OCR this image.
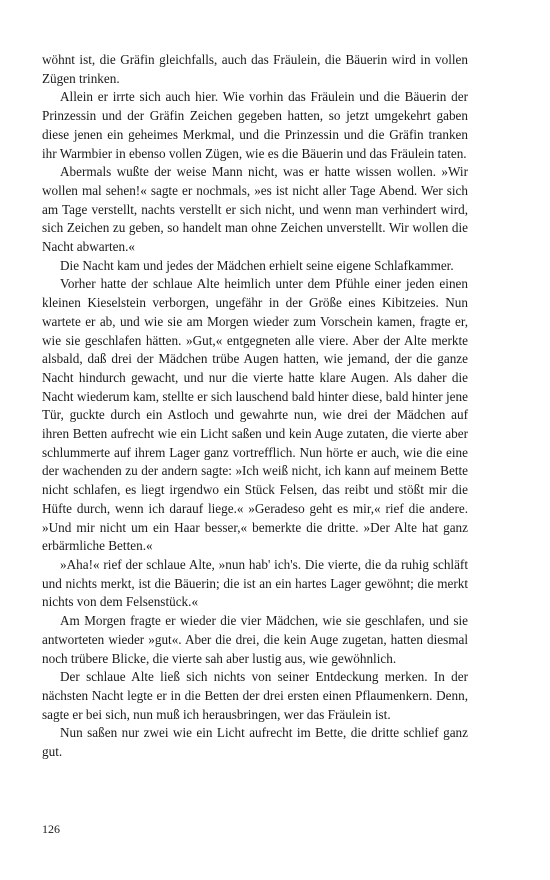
wöhnt ist, die Gräfin gleichfalls, auch das Fräulein, die Bäuerin wird in vollen Zügen trinken.

Allein er irrte sich auch hier. Wie vorhin das Fräulein und die Bäuerin der Prinzessin und der Gräfin Zeichen gegeben hatten, so jetzt umgekehrt gaben diese jenen ein geheimes Merkmal, und die Prinzessin und die Gräfin tranken ihr Warmbier in ebenso vollen Zügen, wie es die Bäuerin und das Fräulein taten.

Abermals wußte der weise Mann nicht, was er hatte wissen wollen. »Wir wollen mal sehen!« sagte er nochmals, »es ist nicht aller Tage Abend. Wer sich am Tage verstellt, nachts verstellt er sich nicht, und wenn man verhindert wird, sich Zeichen zu geben, so handelt man ohne Zeichen unverstellt. Wir wollen die Nacht abwarten.«

Die Nacht kam und jedes der Mädchen erhielt seine eigene Schlafkammer.

Vorher hatte der schlaue Alte heimlich unter dem Pfühle einer jeden einen kleinen Kieselstein verborgen, ungefähr in der Größe eines Kibitzeies. Nun wartete er ab, und wie sie am Morgen wieder zum Vorschein kamen, fragte er, wie sie geschlafen hätten. »Gut,« entgegneten alle viere. Aber der Alte merkte alsbald, daß drei der Mädchen trübe Augen hatten, wie jemand, der die ganze Nacht hindurch gewacht, und nur die vierte hatte klare Augen. Als daher die Nacht wiederum kam, stellte er sich lauschend bald hinter diese, bald hinter jene Tür, guckte durch ein Astloch und gewahrte nun, wie drei der Mädchen auf ihren Betten aufrecht wie ein Licht saßen und kein Auge zutaten, die vierte aber schlummerte auf ihrem Lager ganz vortrefflich. Nun hörte er auch, wie die eine der wachenden zu der andern sagte: »Ich weiß nicht, ich kann auf meinem Bette nicht schlafen, es liegt irgendwo ein Stück Felsen, das reibt und stößt mir die Hüfte durch, wenn ich darauf liege.« »Geradeso geht es mir,« rief die andere. »Und mir nicht um ein Haar besser,« bemerkte die dritte. »Der Alte hat ganz erbärmliche Betten.«

»Aha!« rief der schlaue Alte, »nun hab' ich's. Die vierte, die da ruhig schläft und nichts merkt, ist die Bäuerin; die ist an ein hartes Lager gewöhnt; die merkt nichts von dem Felsenstück.«

Am Morgen fragte er wieder die vier Mädchen, wie sie geschlafen, und sie antworteten wieder »gut«. Aber die drei, die kein Auge zugetan, hatten diesmal noch trübere Blicke, die vierte sah aber lustig aus, wie gewöhnlich.

Der schlaue Alte ließ sich nichts von seiner Entdeckung merken. In der nächsten Nacht legte er in die Betten der drei ersten einen Pflaumenkern. Denn, sagte er bei sich, nun muß ich herausbringen, wer das Fräulein ist.

Nun saßen nur zwei wie ein Licht aufrecht im Bette, die dritte schlief ganz gut.

126
